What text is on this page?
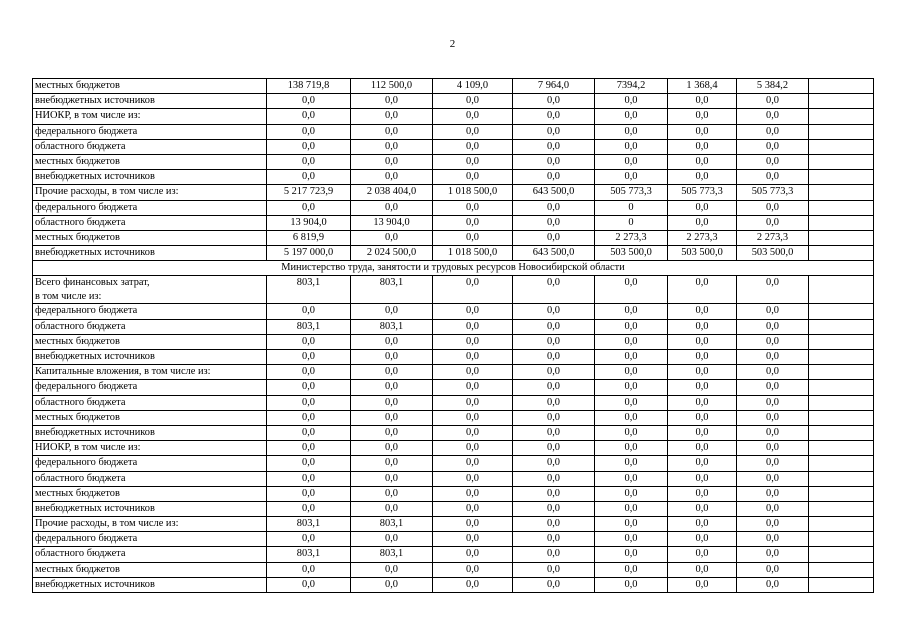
2
местных бюджетов	138 719,8	112 500,0	4 109,0	7 964,0	7394,2	1 368,4	5 384,2	
внебюджетных источников	0,0	0,0	0,0	0,0	0,0	0,0	0,0	
НИОКР, в том числе из:	0,0	0,0	0,0	0,0	0,0	0,0	0,0	
федерального бюджета	0,0	0,0	0,0	0,0	0,0	0,0	0,0	
областного бюджета	0,0	0,0	0,0	0,0	0,0	0,0	0,0	
местных бюджетов	0,0	0,0	0,0	0,0	0,0	0,0	0,0	
внебюджетных источников	0,0	0,0	0,0	0,0	0,0	0,0	0,0	
Прочие расходы, в том числе из:	5 217 723,9	2 038 404,0	1 018 500,0	643 500,0	505 773,3	505 773,3	505 773,3	
федерального бюджета	0,0	0,0	0,0	0,0	0	0,0	0,0	
областного бюджета	13 904,0	13 904,0	0,0	0,0	0	0,0	0,0	
местных бюджетов	6 819,9	0,0	0,0	0,0	2 273,3	2 273,3	2 273,3	
внебюджетных источников	5 197 000,0	2 024 500,0	1 018 500,0	643 500,0	503 500,0	503 500,0	503 500,0	
Министерство труда, занятости и трудовых ресурсов Новосибирской области								
Всего финансовых затрат,
в том числе из:	803,1	803,1	0,0	0,0	0,0	0,0	0,0	
федерального бюджета	0,0	0,0	0,0	0,0	0,0	0,0	0,0	
областного бюджета	803,1	803,1	0,0	0,0	0,0	0,0	0,0	
местных бюджетов	0,0	0,0	0,0	0,0	0,0	0,0	0,0	
внебюджетных источников	0,0	0,0	0,0	0,0	0,0	0,0	0,0	
Капитальные вложения, в том числе из:	0,0	0,0	0,0	0,0	0,0	0,0	0,0	
федерального бюджета	0,0	0,0	0,0	0,0	0,0	0,0	0,0	
областного бюджета	0,0	0,0	0,0	0,0	0,0	0,0	0,0	
местных бюджетов	0,0	0,0	0,0	0,0	0,0	0,0	0,0	
внебюджетных источников	0,0	0,0	0,0	0,0	0,0	0,0	0,0	
НИОКР, в том числе из:	0,0	0,0	0,0	0,0	0,0	0,0	0,0	
федерального бюджета	0,0	0,0	0,0	0,0	0,0	0,0	0,0	
областного бюджета	0,0	0,0	0,0	0,0	0,0	0,0	0,0	
местных бюджетов	0,0	0,0	0,0	0,0	0,0	0,0	0,0	
внебюджетных источников	0,0	0,0	0,0	0,0	0,0	0,0	0,0	
Прочие расходы, в том числе из:	803,1	803,1	0,0	0,0	0,0	0,0	0,0	
федерального бюджета	0,0	0,0	0,0	0,0	0,0	0,0	0,0	
областного бюджета	803,1	803,1	0,0	0,0	0,0	0,0	0,0	
местных бюджетов	0,0	0,0	0,0	0,0	0,0	0,0	0,0	
внебюджетных источников	0,0	0,0	0,0	0,0	0,0	0,0	0,0	
